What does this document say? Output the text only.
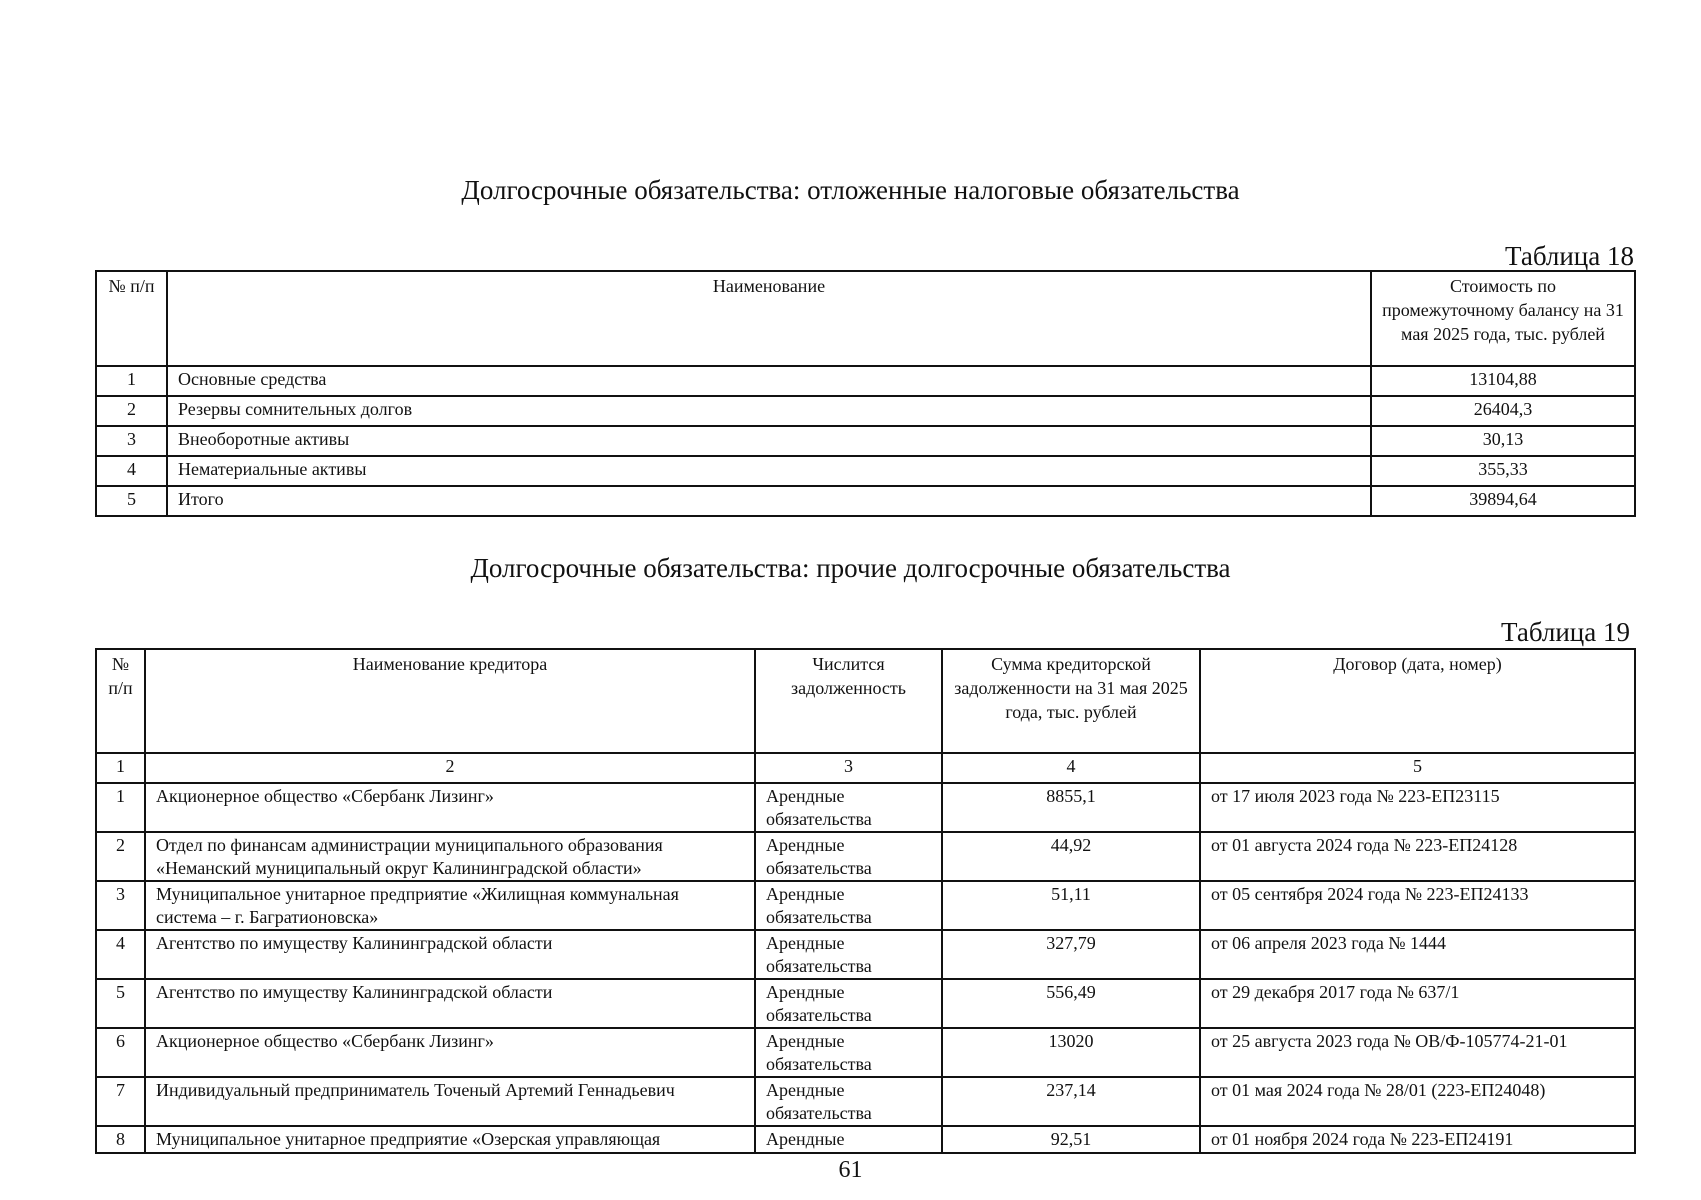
Долгосрочные обязательства: отложенные налоговые обязательства
Таблица 18
№ п/п	Наименование	Стоимость по промежуточному балансу на 31 мая 2025 года, тыс. рублей
1	Основные средства	13104,88
2	Резервы сомнительных долгов	26404,3
3	Внеоборотные активы	30,13
4	Нематериальные активы	355,33
5	Итого	39894,64
Долгосрочные обязательства: прочие долгосрочные обязательства
Таблица 19
№ п/п	Наименование кредитора	Числится задолженность	Сумма кредиторской задолженности на 31 мая 2025 года, тыс. рублей	Договор (дата, номер)
1	2	3	4	5
1	Акционерное общество «Сбербанк Лизинг»	Арендные обязательства	8855,1	от 17 июля 2023 года № 223-ЕП23115
2	Отдел по финансам администрации муниципального образования «Неманский муниципальный округ Калининградской области»	Арендные обязательства	44,92	от 01 августа 2024 года № 223-ЕП24128
3	Муниципальное унитарное предприятие «Жилищная коммунальная система – г. Багратионовска»	Арендные обязательства	51,11	от 05 сентября 2024 года № 223-ЕП24133
4	Агентство по имуществу Калининградской области	Арендные обязательства	327,79	от 06 апреля 2023 года № 1444
5	Агентство по имуществу Калининградской области	Арендные обязательства	556,49	от 29 декабря 2017 года № 637/1
6	Акционерное общество «Сбербанк Лизинг»	Арендные обязательства	13020	от 25 августа 2023 года № ОВ/Ф-105774-21-01
7	Индивидуальный предприниматель Точеный Артемий Геннадьевич	Арендные обязательства	237,14	от 01 мая 2024 года № 28/01 (223-ЕП24048)
8	Муниципальное унитарное предприятие «Озерская управляющая	Арендные	92,51	от 01 ноября 2024 года № 223-ЕП24191
61
